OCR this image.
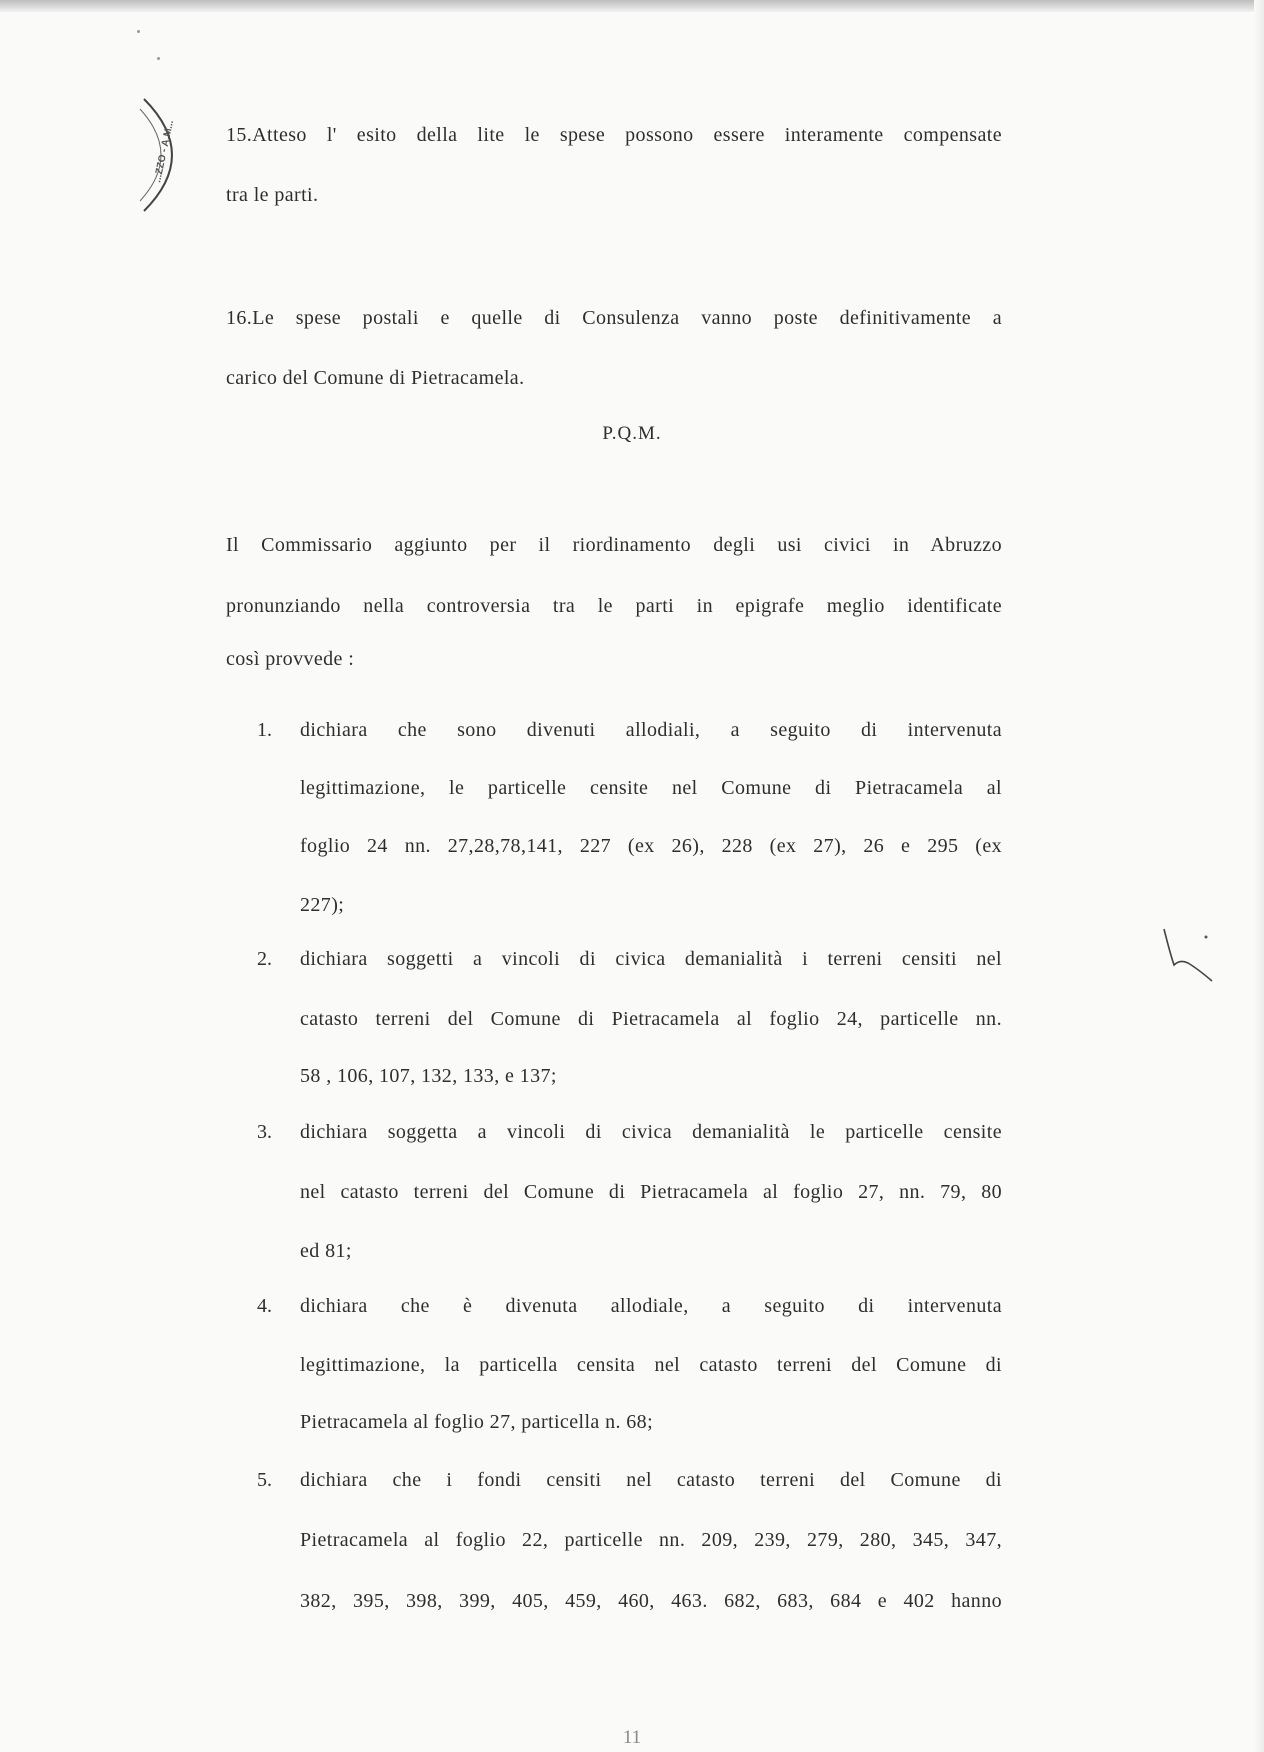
...ZZO - A.M... 15.Atteso l' esito della lite le spese possono essere interamente compensate
tra le parti.
16.Le spese postali e quelle di Consulenza vanno poste definitivamente a
carico del Comune di Pietracamela.
P.Q.M.
Il Commissario aggiunto per il riordinamento degli usi civici in Abruzzo
pronunziando nella controversia tra le parti in epigrafe meglio identificate
così provvede :
1. dichiara che sono divenuti allodiali, a seguito di intervenuta
legittimazione, le particelle censite nel Comune di Pietracamela al
foglio 24 nn. 27,28,78,141, 227 (ex 26), 228 (ex 27), 26 e 295 (ex
227);
2. dichiara soggetti a vincoli di civica demanialità i terreni censiti nel
catasto terreni del Comune di Pietracamela al foglio 24, particelle nn.
58 , 106, 107, 132, 133, e 137;
3. dichiara soggetta a vincoli di civica demanialità le particelle censite
nel catasto terreni del Comune di Pietracamela al foglio 27, nn. 79, 80
ed 81;
4. dichiara che è divenuta allodiale, a seguito di intervenuta
legittimazione, la particella censita nel catasto terreni del Comune di
Pietracamela al foglio 27, particella n. 68;
5. dichiara che i fondi censiti nel catasto terreni del Comune di
Pietracamela al foglio 22, particelle nn. 209, 239, 279, 280, 345, 347,
382, 395, 398, 399, 405, 459, 460, 463. 682, 683, 684 e 402 hanno
11
